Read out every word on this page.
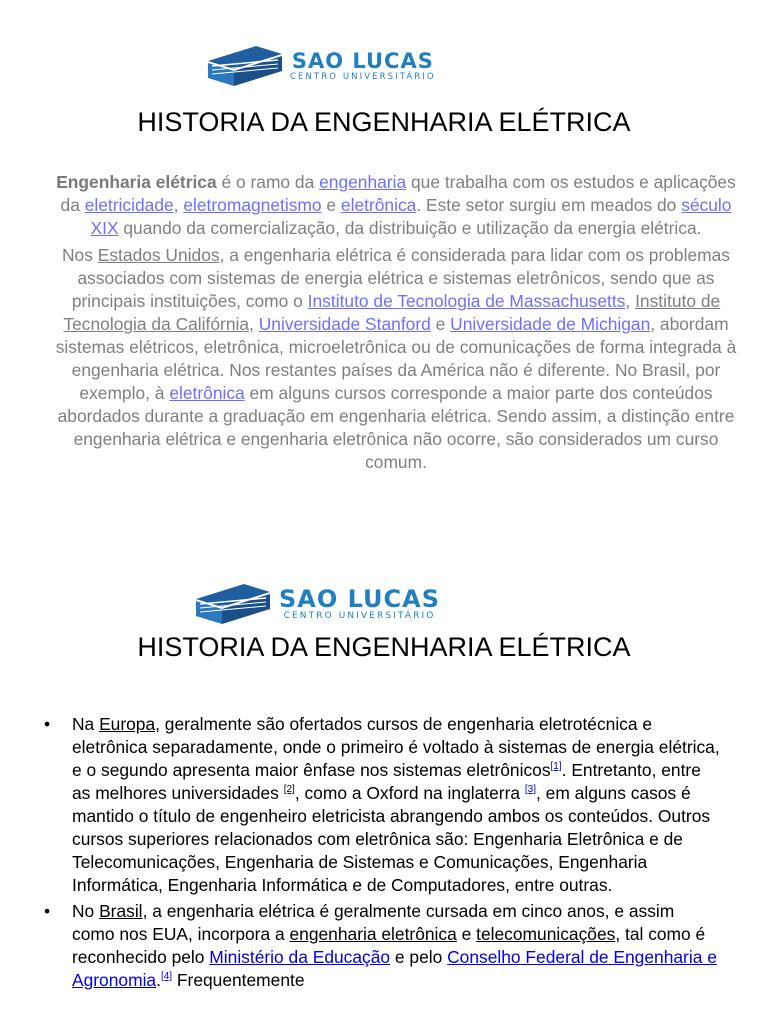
SAO LUCAS
CENTRO UNIVERSITÁRIO
HISTORIA DA ENGENHARIA ELÉTRICA

Engenharia elétrica é o ramo da engenharia que trabalha com os estudos e aplicações da eletricidade, eletromagnetismo e eletrônica. Este setor surgiu em meados do século XIX quando da comercialização, da distribuição e utilização da energia elétrica.

Nos Estados Unidos, a engenharia elétrica é considerada para lidar com os problemas associados com sistemas de energia elétrica e sistemas eletrônicos, sendo que as principais instituições, como o Instituto de Tecnologia de Massachusetts, Instituto de Tecnologia da Califórnia, Universidade Stanford e Universidade de Michigan, abordam sistemas elétricos, eletrônica, microeletrônica ou de comunicações de forma integrada à engenharia elétrica. Nos restantes países da América não é diferente. No Brasil, por exemplo, à eletrônica em alguns cursos corresponde a maior parte dos conteúdos abordados durante a graduação em engenharia elétrica. Sendo assim, a distinção entre engenharia elétrica e engenharia eletrônica não ocorre, são considerados um curso comum.

SAO LUCAS
CENTRO UNIVERSITÁRIO
HISTORIA DA ENGENHARIA ELÉTRICA
• Na Europa, geralmente são ofertados cursos de engenharia eletrotécnica e eletrônica separadamente, onde o primeiro é voltado à sistemas de energia elétrica, e o segundo apresenta maior ênfase nos sistemas eletrônicos[1]. Entretanto, entre as melhores universidades [2], como a Oxford na inglaterra [3], em alguns casos é mantido o título de engenheiro eletricista abrangendo ambos os conteúdos. Outros cursos superiores relacionados com eletrônica são: Engenharia Eletrônica e de Telecomunicações, Engenharia de Sistemas e Comunicações, Engenharia Informática, Engenharia Informática e de Computadores, entre outras.
• No Brasil, a engenharia elétrica é geralmente cursada em cinco anos, e assim como nos EUA, incorpora a engenharia eletrônica e telecomunicações, tal como é reconhecido pelo Ministério da Educação e pelo Conselho Federal de Engenharia e Agronomia.[4] Frequentemente
